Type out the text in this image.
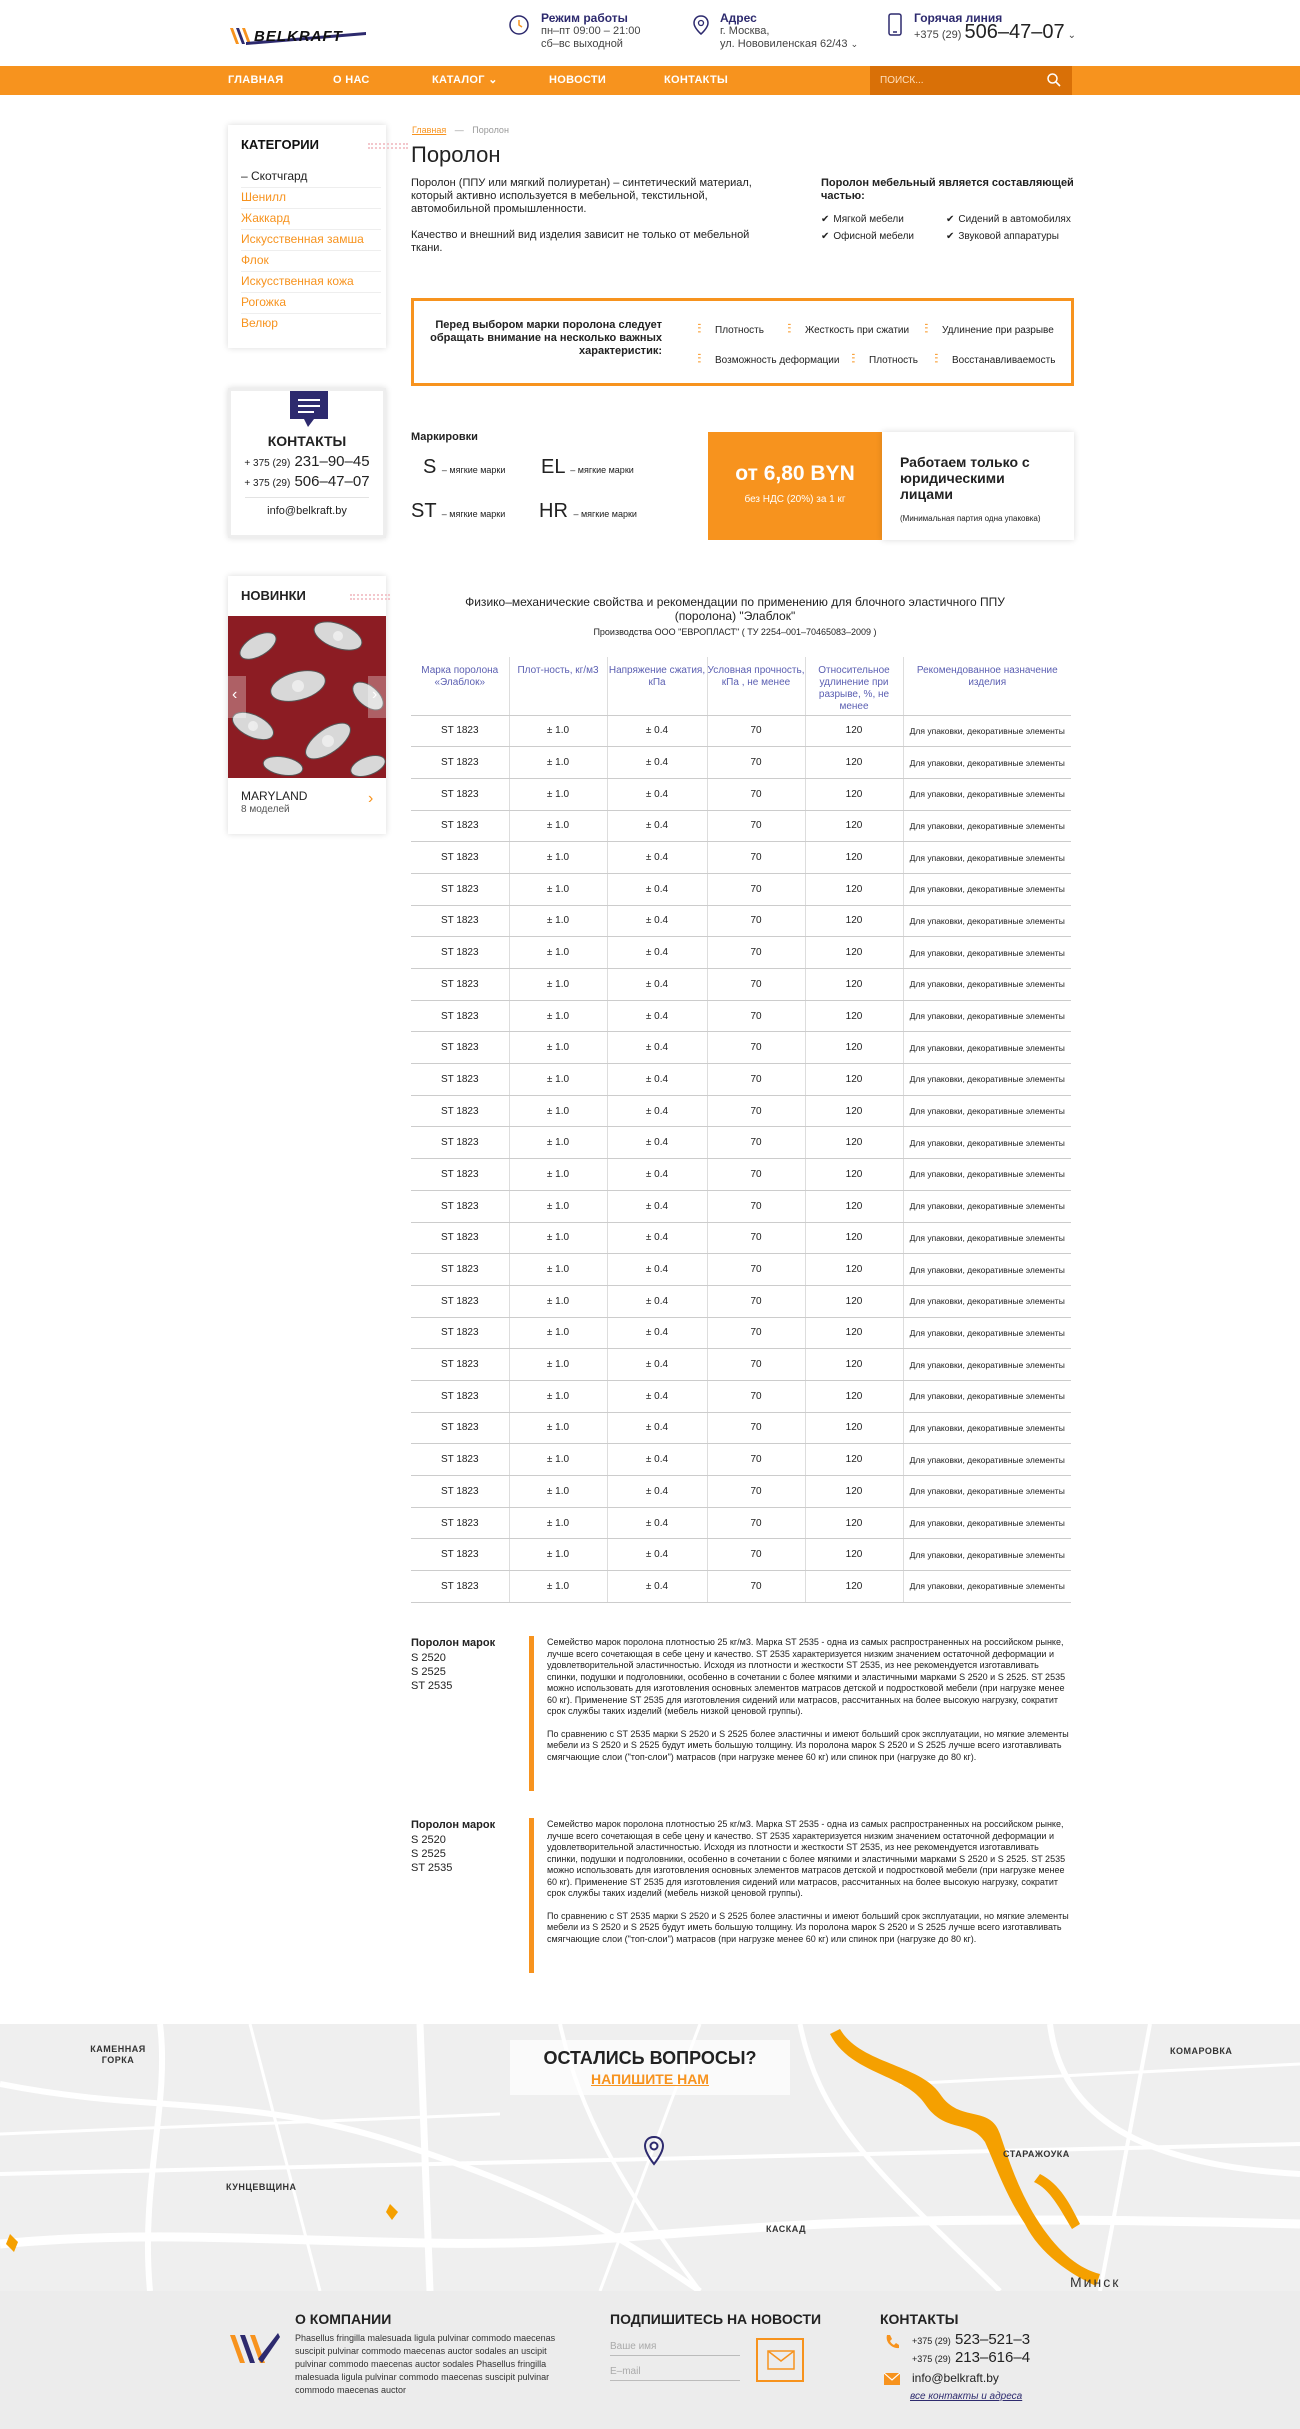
BELKRAFT
Режим работы
пн–пт 09:00 – 21:00
сб–вс выходной
Адрес
г. Москва,
ул. Нововиленская 62/43 ⌄
Горячая линия
+375 (29) 506–47–07 ⌄
ГЛАВНАЯ	О НАС	КАТАЛОГ ⌄	НОВОСТИ	КОНТАКТЫ
ПОИСК...
КАТЕГОРИИ
– Скотчгард
Шенилл
Жаккард
Искусственная замша
Флок
Искусственная кожа
Рогожка
Велюр
КОНТАКТЫ
+ 375 (29) 231–90–45
+ 375 (29) 506–47–07
info@belkraft.by
НОВИНКИ
‹	›
MARYLAND
8 моделей
›
Главная — Поролон
Поролон

Поролон (ППУ или мягкий полиуретан) – синтетический материал, который активно используется в мебельной, текстильной, автомобильной промышленности.

Качество и внешний вид изделия зависит не только от мебельной ткани.

Поролон мебельный является составляющей частью:
✔ Мягкой мебели
✔ Офисной мебели
✔ Сидений в автомобилях
✔ Звуковой аппаратуры
Перед выбором марки поролона следует обращать внимание на несколько важных характеристик:
⫶⫶ Плотность ⫶⫶ Жесткость при сжатии ⫶⫶ Удлинение при разрыве
⫶⫶ Возможность деформации ⫶⫶ Плотность ⫶⫶ Восстанавливаемость
Маркировки
S – мягкие марки EL – мягкие марки
ST – мягкие марки HR – мягкие марки
от 6,80 BYN
без НДС (20%) за 1 кг
Работаем только с юридическими лицами
(Минимальная партия одна упаковка)
Физико–механические свойства и рекомендации по применению для блочного эластичного ППУ (поролона) "Элаблок"
Производства ООО "ЕВРОПЛАСТ" ( ТУ 2254–001–70465083–2009 )
Марка поролона «Элаблок»	Плот-ность, кг/м3	Напряжение сжатия, кПа	Условная прочность, кПа , не менее	Относительное удлинение при разрыве, %, не менее	Рекомендованное назначение изделия
ST 1823	± 1.0	± 0.4	70	120	Для упаковки, декоративные элементы
ST 1823	± 1.0	± 0.4	70	120	Для упаковки, декоративные элементы
ST 1823	± 1.0	± 0.4	70	120	Для упаковки, декоративные элементы
ST 1823	± 1.0	± 0.4	70	120	Для упаковки, декоративные элементы
ST 1823	± 1.0	± 0.4	70	120	Для упаковки, декоративные элементы
ST 1823	± 1.0	± 0.4	70	120	Для упаковки, декоративные элементы
ST 1823	± 1.0	± 0.4	70	120	Для упаковки, декоративные элементы
ST 1823	± 1.0	± 0.4	70	120	Для упаковки, декоративные элементы
ST 1823	± 1.0	± 0.4	70	120	Для упаковки, декоративные элементы
ST 1823	± 1.0	± 0.4	70	120	Для упаковки, декоративные элементы
ST 1823	± 1.0	± 0.4	70	120	Для упаковки, декоративные элементы
ST 1823	± 1.0	± 0.4	70	120	Для упаковки, декоративные элементы
ST 1823	± 1.0	± 0.4	70	120	Для упаковки, декоративные элементы
ST 1823	± 1.0	± 0.4	70	120	Для упаковки, декоративные элементы
ST 1823	± 1.0	± 0.4	70	120	Для упаковки, декоративные элементы
ST 1823	± 1.0	± 0.4	70	120	Для упаковки, декоративные элементы
ST 1823	± 1.0	± 0.4	70	120	Для упаковки, декоративные элементы
ST 1823	± 1.0	± 0.4	70	120	Для упаковки, декоративные элементы
ST 1823	± 1.0	± 0.4	70	120	Для упаковки, декоративные элементы
ST 1823	± 1.0	± 0.4	70	120	Для упаковки, декоративные элементы
ST 1823	± 1.0	± 0.4	70	120	Для упаковки, декоративные элементы
ST 1823	± 1.0	± 0.4	70	120	Для упаковки, декоративные элементы
ST 1823	± 1.0	± 0.4	70	120	Для упаковки, декоративные элементы
ST 1823	± 1.0	± 0.4	70	120	Для упаковки, декоративные элементы
ST 1823	± 1.0	± 0.4	70	120	Для упаковки, декоративные элементы
ST 1823	± 1.0	± 0.4	70	120	Для упаковки, декоративные элементы
ST 1823	± 1.0	± 0.4	70	120	Для упаковки, декоративные элементы
ST 1823	± 1.0	± 0.4	70	120	Для упаковки, декоративные элементы
Поролон марок
S 2520
S 2525
ST 2535

Семейство марок поролона плотностью 25 кг/м3. Марка ST 2535 - одна из самых распространенных на российском рынке, лучше всего сочетающая в себе цену и качество. ST 2535 характеризуется низким значением остаточной деформации и удовлетворительной эластичностью. Исходя из плотности и жесткости ST 2535, из нее рекомендуется изготавливать спинки, подушки и подголовники, особенно в сочетании с более мягкими и эластичными марками S 2520 и S 2525. ST 2535 можно использовать для изготовления основных элементов матрасов детской и подростковой мебели (при нагрузке менее 60 кг). Применение ST 2535 для изготовления сидений или матрасов, рассчитанных на более высокую нагрузку, сократит срок службы таких изделий (мебель низкой ценовой группы).

По сравнению с ST 2535 марки S 2520 и S 2525 более эластичны и имеют больший срок эксплуатации, но мягкие элементы мебели из S 2520 и S 2525 будут иметь большую толщину. Из поролона марок S 2520 и S 2525 лучше всего изготавливать смягчающие слои ("топ-слои") матрасов (при нагрузке менее 60 кг) или спинок при (нагрузке до 80 кг).

Поролон марок
S 2520
S 2525
ST 2535

Семейство марок поролона плотностью 25 кг/м3. Марка ST 2535 - одна из самых распространенных на российском рынке, лучше всего сочетающая в себе цену и качество. ST 2535 характеризуется низким значением остаточной деформации и удовлетворительной эластичностью. Исходя из плотности и жесткости ST 2535, из нее рекомендуется изготавливать спинки, подушки и подголовники, особенно в сочетании с более мягкими и эластичными марками S 2520 и S 2525. ST 2535 можно использовать для изготовления основных элементов матрасов детской и подростковой мебели (при нагрузке менее 60 кг). Применение ST 2535 для изготовления сидений или матрасов, рассчитанных на более высокую нагрузку, сократит срок службы таких изделий (мебель низкой ценовой группы).

По сравнению с ST 2535 марки S 2520 и S 2525 более эластичны и имеют больший срок эксплуатации, но мягкие элементы мебели из S 2520 и S 2525 будут иметь большую толщину. Из поролона марок S 2520 и S 2525 лучше всего изготавливать смягчающие слои ("топ-слои") матрасов (при нагрузке менее 60 кг) или спинок при (нагрузке до 80 кг).

КАМЕННАЯ ГОРКА
КУНЦЕВЩИНА
КАСКАД
СТАРАЖОУКА
КОМАРОВКА
Минск
ОСТАЛИСЬ ВОПРОСЫ?
НАПИШИТЕ НАМ
О КОМПАНИИ
Phasellus fringilla malesuada ligula pulvinar commodo maecenas suscipit pulvinar commodo maecenas auctor sodales an uscipit pulvinar commodo maecenas auctor sodales Phasellus fringilla malesuada ligula pulvinar commodo maecenas suscipit pulvinar commodo maecenas auctor
ПОДПИШИТЕСЬ НА НОВОСТИ
Ваше имя
E–mail	КОНТАКТЫ
+375 (29) 523–521–3
+375 (29) 213–616–4
info@belkraft.by
все контакты и адреса
